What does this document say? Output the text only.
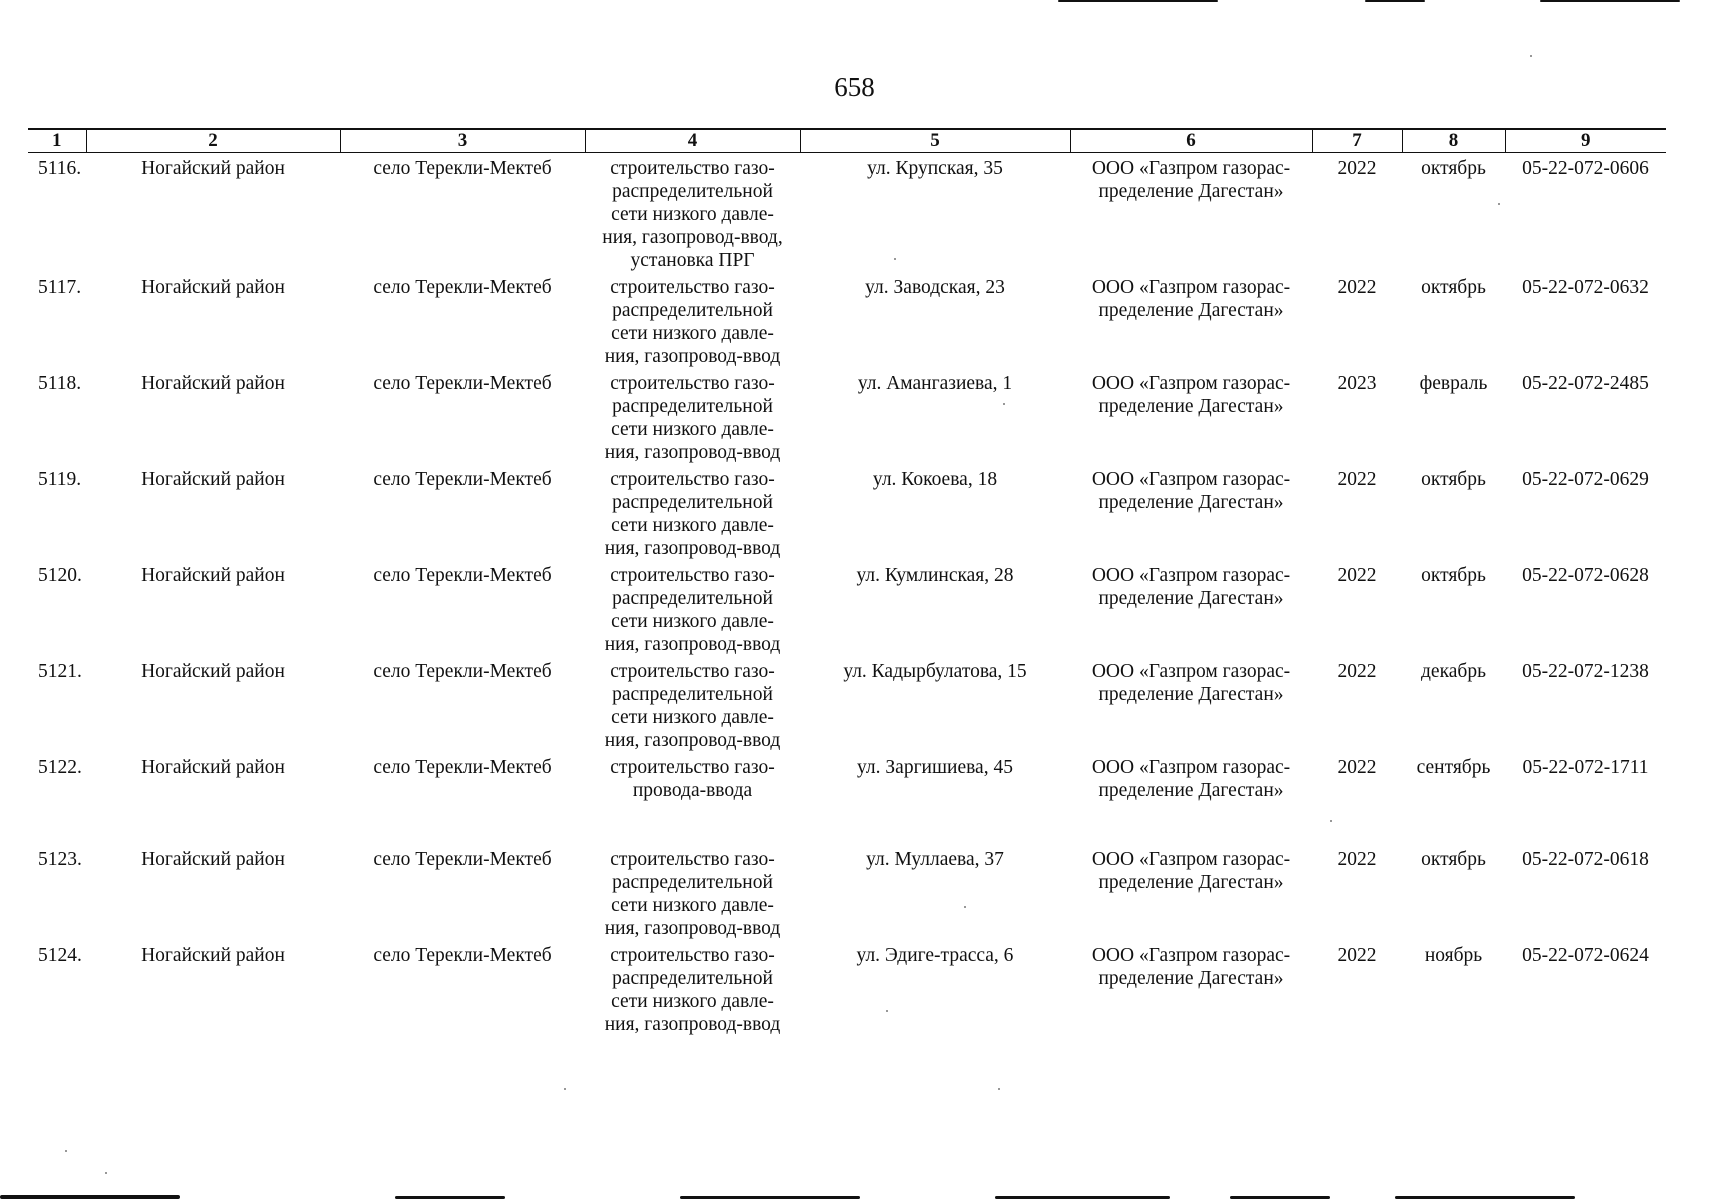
658
1	2	3	4	5	6	7	8	9
5116.	Ногайский район	село Терекли-Мектеб	строительство газо-
распределительной
сети низкого давле-
ния, газопровод-ввод,
установка ПРГ	ул. Крупская, 35	ООО «Газпром газорас-
пределение Дагестан»	2022	октябрь	05-22-072-0606
5117.	Ногайский район	село Терекли-Мектеб	строительство газо-
распределительной
сети низкого давле-
ния, газопровод-ввод	ул. Заводская, 23	ООО «Газпром газорас-
пределение Дагестан»	2022	октябрь	05-22-072-0632
5118.	Ногайский район	село Терекли-Мектеб	строительство газо-
распределительной
сети низкого давле-
ния, газопровод-ввод	ул. Амангазиева, 1	ООО «Газпром газорас-
пределение Дагестан»	2023	февраль	05-22-072-2485
5119.	Ногайский район	село Терекли-Мектеб	строительство газо-
распределительной
сети низкого давле-
ния, газопровод-ввод	ул. Кокоева, 18	ООО «Газпром газорас-
пределение Дагестан»	2022	октябрь	05-22-072-0629
5120.	Ногайский район	село Терекли-Мектеб	строительство газо-
распределительной
сети низкого давле-
ния, газопровод-ввод	ул. Кумлинская, 28	ООО «Газпром газорас-
пределение Дагестан»	2022	октябрь	05-22-072-0628
5121.	Ногайский район	село Терекли-Мектеб	строительство газо-
распределительной
сети низкого давле-
ния, газопровод-ввод	ул. Кадырбулатова, 15	ООО «Газпром газорас-
пределение Дагестан»	2022	декабрь	05-22-072-1238
5122.	Ногайский район	село Терекли-Мектеб	строительство газо-
провода-ввода	ул. Заргишиева, 45	ООО «Газпром газорас-
пределение Дагестан»	2022	сентябрь	05-22-072-1711
5123.	Ногайский район	село Терекли-Мектеб	строительство газо-
распределительной
сети низкого давле-
ния, газопровод-ввод	ул. Муллаева, 37	ООО «Газпром газорас-
пределение Дагестан»	2022	октябрь	05-22-072-0618
5124.	Ногайский район	село Терекли-Мектеб	строительство газо-
распределительной
сети низкого давле-
ния, газопровод-ввод	ул. Эдиге-трасса, 6	ООО «Газпром газорас-
пределение Дагестан»	2022	ноябрь	05-22-072-0624
